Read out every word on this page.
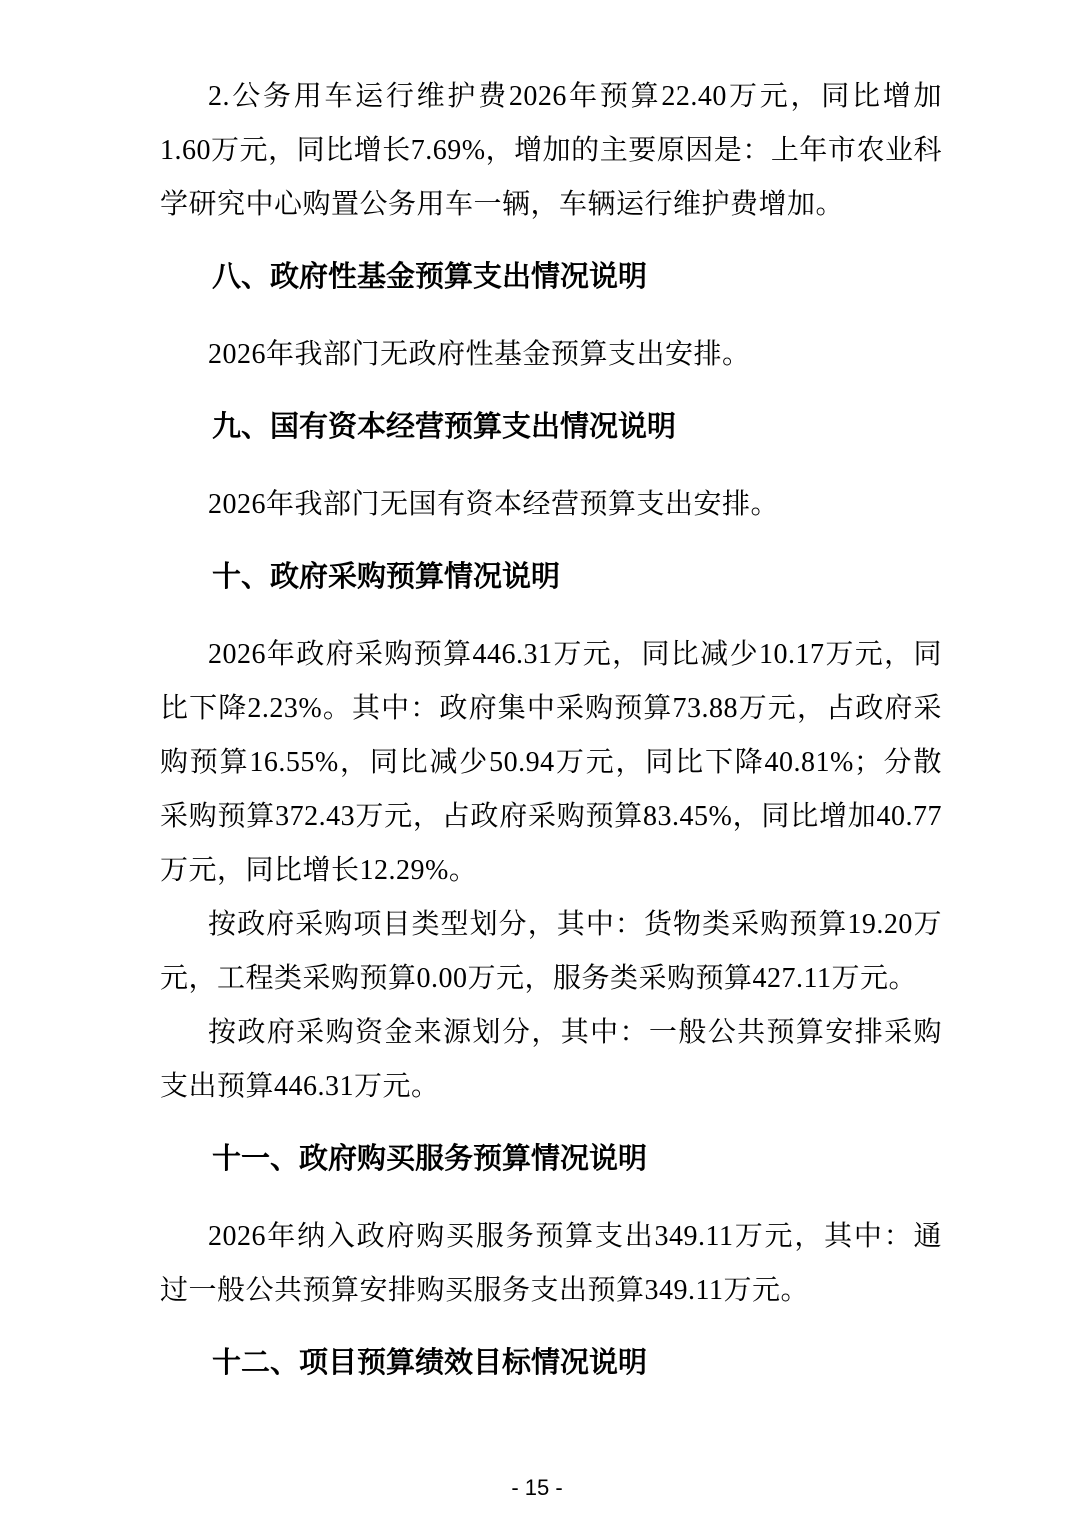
2.公务用车运行维护费2026年预算22.40万元，同比增加1.60万元，同比增长7.69%，增加的主要原因是：上年市农业科学研究中心购置公务用车一辆，车辆运行维护费增加。

八、政府性基金预算支出情况说明

2026年我部门无政府性基金预算支出安排。

九、国有资本经营预算支出情况说明

2026年我部门无国有资本经营预算支出安排。

十、政府采购预算情况说明

2026年政府采购预算446.31万元，同比减少10.17万元，同比下降2.23%。其中：政府集中采购预算73.88万元，占政府采购预算16.55%，同比减少50.94万元，同比下降40.81%；分散采购预算372.43万元，占政府采购预算83.45%，同比增加40.77万元，同比增长12.29%。

按政府采购项目类型划分，其中：货物类采购预算19.20万元，工程类采购预算0.00万元，服务类采购预算427.11万元。

按政府采购资金来源划分，其中：一般公共预算安排采购支出预算446.31万元。

十一、政府购买服务预算情况说明

2026年纳入政府购买服务预算支出349.11万元，其中：通过一般公共预算安排购买服务支出预算349.11万元。

十二、项目预算绩效目标情况说明
- 15 -
